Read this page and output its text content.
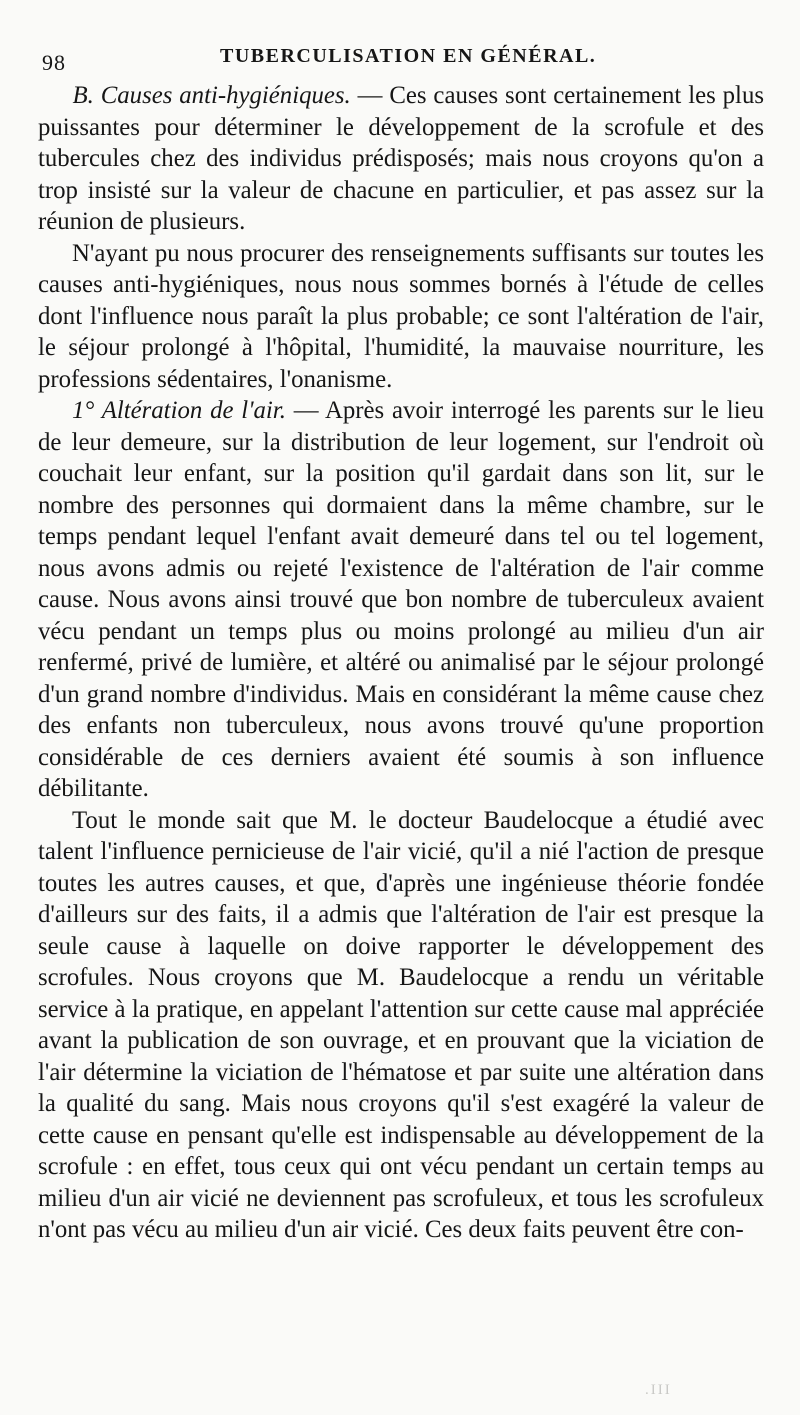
98	TUBERCULISATION EN GÉNÉRAL.

B. Causes anti-hygiéniques. — Ces causes sont certainement les plus puissantes pour déterminer le développement de la scrofule et des tubercules chez des individus prédisposés; mais nous croyons qu'on a trop insisté sur la valeur de chacune en particulier, et pas assez sur la réunion de plusieurs.

N'ayant pu nous procurer des renseignements suffisants sur toutes les causes anti-hygiéniques, nous nous sommes bornés à l'étude de celles dont l'influence nous paraît la plus probable; ce sont l'altération de l'air, le séjour prolongé à l'hôpital, l'humidité, la mauvaise nourriture, les professions sédentaires, l'onanisme.

1° Altération de l'air. — Après avoir interrogé les parents sur le lieu de leur demeure, sur la distribution de leur logement, sur l'endroit où couchait leur enfant, sur la position qu'il gardait dans son lit, sur le nombre des personnes qui dormaient dans la même chambre, sur le temps pendant lequel l'enfant avait demeuré dans tel ou tel logement, nous avons admis ou rejeté l'existence de l'altération de l'air comme cause. Nous avons ainsi trouvé que bon nombre de tuberculeux avaient vécu pendant un temps plus ou moins prolongé au milieu d'un air renfermé, privé de lumière, et altéré ou animalisé par le séjour prolongé d'un grand nombre d'individus. Mais en considérant la même cause chez des enfants non tuberculeux, nous avons trouvé qu'une proportion considérable de ces derniers avaient été soumis à son influence débilitante.

Tout le monde sait que M. le docteur Baudelocque a étudié avec talent l'influence pernicieuse de l'air vicié, qu'il a nié l'action de presque toutes les autres causes, et que, d'après une ingénieuse théorie fondée d'ailleurs sur des faits, il a admis que l'altération de l'air est presque la seule cause à laquelle on doive rapporter le développement des scrofules. Nous croyons que M. Baudelocque a rendu un véritable service à la pratique, en appelant l'attention sur cette cause mal appréciée avant la publication de son ouvrage, et en prouvant que la viciation de l'air détermine la viciation de l'hématose et par suite une altération dans la qualité du sang. Mais nous croyons qu'il s'est exagéré la valeur de cette cause en pensant qu'elle est indispensable au développement de la scrofule : en effet, tous ceux qui ont vécu pendant un certain temps au milieu d'un air vicié ne deviennent pas scrofuleux, et tous les scrofuleux n'ont pas vécu au milieu d'un air vicié. Ces deux faits peuvent être con-

.III
